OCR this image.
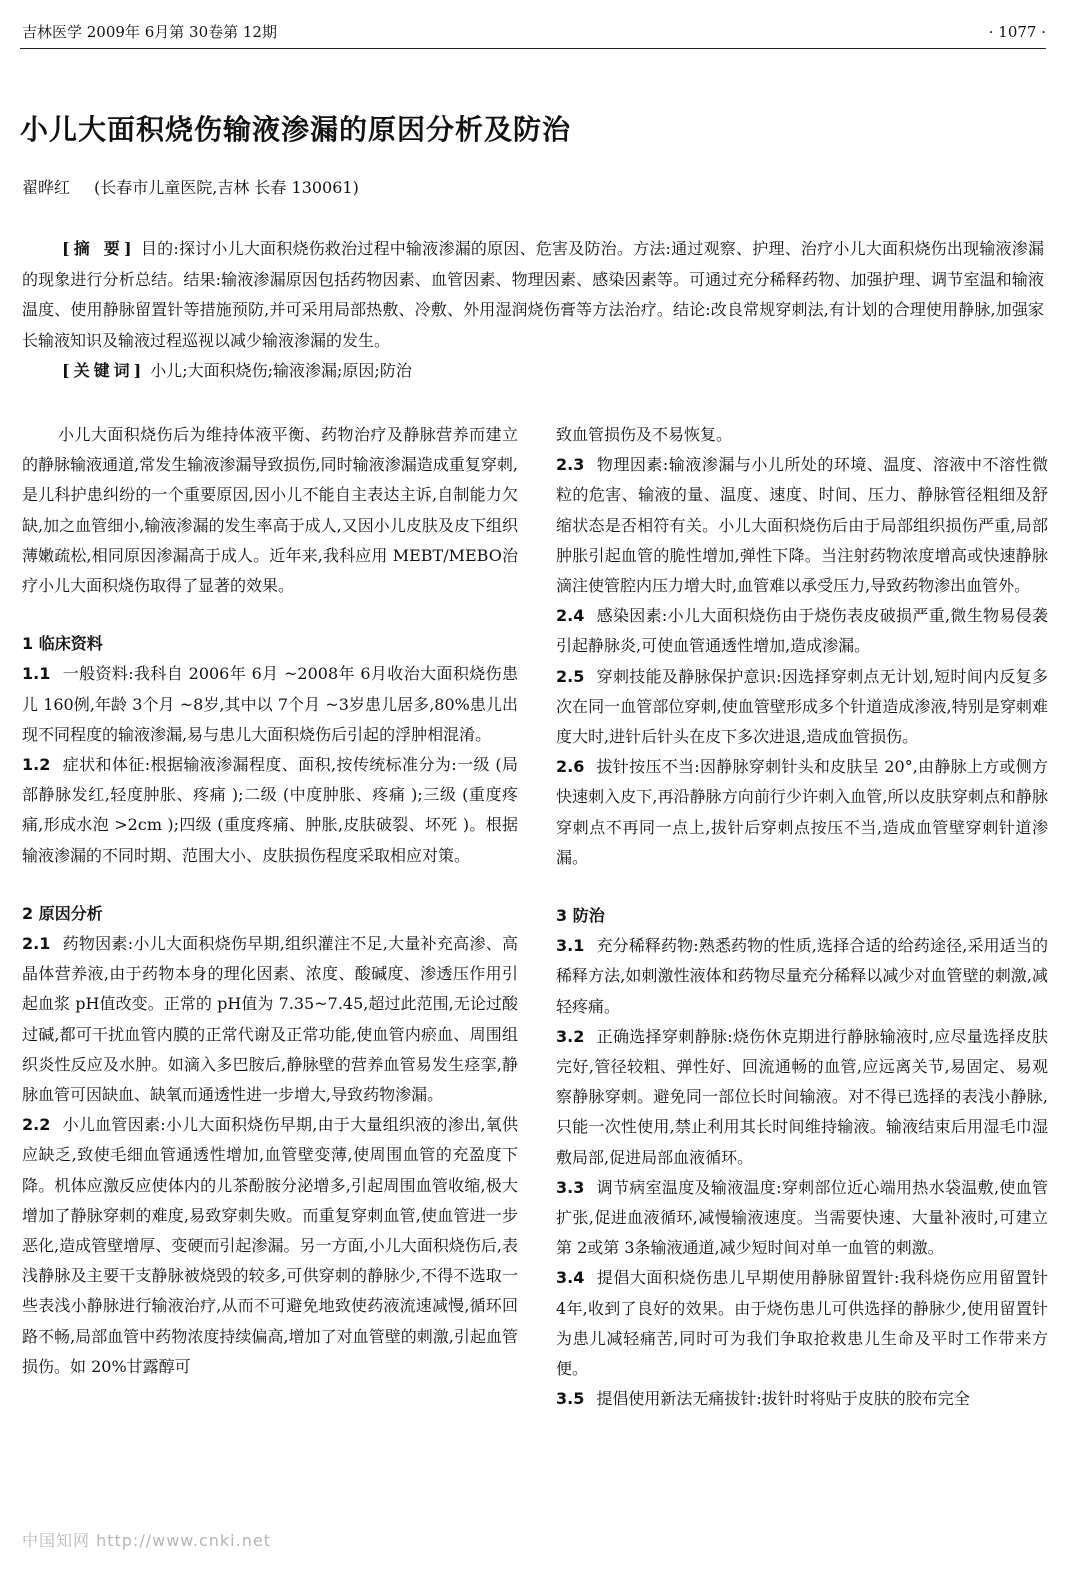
吉林医学 2009年 6月第 30卷第 12期	· 1077 ·
小儿大面积烧伤输液渗漏的原因分析及防治
翟晔红 (长春市儿童医院,吉林 长春 130061)

[摘 要] 目的:探讨小儿大面积烧伤救治过程中输液渗漏的原因、危害及防治。方法:通过观察、护理、治疗小儿大面积烧伤出现输液渗漏的现象进行分析总结。结果:输液渗漏原因包括药物因素、血管因素、物理因素、感染因素等。可通过充分稀释药物、加强护理、调节室温和输液温度、使用静脉留置针等措施预防,并可采用局部热敷、冷敷、外用湿润烧伤膏等方法治疗。结论:改良常规穿刺法,有计划的合理使用静脉,加强家长输液知识及输液过程巡视以减少输液渗漏的发生。

[关键词] 小儿;大面积烧伤;输液渗漏;原因;防治

小儿大面积烧伤后为维持体液平衡、药物治疗及静脉营养而建立的静脉输液通道,常发生输液渗漏导致损伤,同时输液渗漏造成重复穿刺,是儿科护患纠纷的一个重要原因,因小儿不能自主表达主诉,自制能力欠缺,加之血管细小,输液渗漏的发生率高于成人,又因小儿皮肤及皮下组织薄嫩疏松,相同原因渗漏高于成人。近年来,我科应用 MEBT/MEBO治疗小儿大面积烧伤取得了显著的效果。

1 临床资料

1.1 一般资料:我科自 2006年 6月 ~2008年 6月收治大面积烧伤患儿 160例,年龄 3个月 ~8岁,其中以 7个月 ~3岁患儿居多,80%患儿出现不同程度的输液渗漏,易与患儿大面积烧伤后引起的浮肿相混淆。

1.2 症状和体征:根据输液渗漏程度、面积,按传统标准分为:一级 (局部静脉发红,轻度肿胀、疼痛 );二级 (中度肿胀、疼痛 );三级 (重度疼痛,形成水泡 >2cm );四级 (重度疼痛、肿胀,皮肤破裂、坏死 )。根据输液渗漏的不同时期、范围大小、皮肤损伤程度采取相应对策。

2 原因分析

2.1 药物因素:小儿大面积烧伤早期,组织灌注不足,大量补充高渗、高晶体营养液,由于药物本身的理化因素、浓度、酸碱度、渗透压作用引起血浆 pH值改变。正常的 pH值为 7.35~7.45,超过此范围,无论过酸过碱,都可干扰血管内膜的正常代谢及正常功能,使血管内瘀血、周围组织炎性反应及水肿。如滴入多巴胺后,静脉壁的营养血管易发生痉挛,静脉血管可因缺血、缺氧而通透性进一步增大,导致药物渗漏。

2.2 小儿血管因素:小儿大面积烧伤早期,由于大量组织液的渗出,氧供应缺乏,致使毛细血管通透性增加,血管壁变薄,使周围血管的充盈度下降。机体应激反应使体内的儿茶酚胺分泌增多,引起周围血管收缩,极大增加了静脉穿刺的难度,易致穿刺失败。而重复穿刺血管,使血管进一步恶化,造成管壁增厚、变硬而引起渗漏。另一方面,小儿大面积烧伤后,表浅静脉及主要干支静脉被烧毁的较多,可供穿刺的静脉少,不得不选取一些表浅小静脉进行输液治疗,从而不可避免地致使药液流速减慢,循环回路不畅,局部血管中药物浓度持续偏高,增加了对血管壁的刺激,引起血管损伤。如 20%甘露醇可

致血管损伤及不易恢复。

2.3 物理因素:输液渗漏与小儿所处的环境、温度、溶液中不溶性微粒的危害、输液的量、温度、速度、时间、压力、静脉管径粗细及舒缩状态是否相符有关。小儿大面积烧伤后由于局部组织损伤严重,局部肿胀引起血管的脆性增加,弹性下降。当注射药物浓度增高或快速静脉滴注使管腔内压力增大时,血管难以承受压力,导致药物渗出血管外。

2.4 感染因素:小儿大面积烧伤由于烧伤表皮破损严重,微生物易侵袭引起静脉炎,可使血管通透性增加,造成渗漏。

2.5 穿刺技能及静脉保护意识:因选择穿刺点无计划,短时间内反复多次在同一血管部位穿刺,使血管壁形成多个针道造成渗液,特别是穿刺难度大时,进针后针头在皮下多次进退,造成血管损伤。

2.6 拔针按压不当:因静脉穿刺针头和皮肤呈 20°,由静脉上方或侧方快速刺入皮下,再沿静脉方向前行少许刺入血管,所以皮肤穿刺点和静脉穿刺点不再同一点上,拔针后穿刺点按压不当,造成血管壁穿刺针道渗漏。

3 防治

3.1 充分稀释药物:熟悉药物的性质,选择合适的给药途径,采用适当的稀释方法,如刺激性液体和药物尽量充分稀释以减少对血管壁的刺激,减轻疼痛。

3.2 正确选择穿刺静脉:烧伤休克期进行静脉输液时,应尽量选择皮肤完好,管径较粗、弹性好、回流通畅的血管,应远离关节,易固定、易观察静脉穿刺。避免同一部位长时间输液。对不得已选择的表浅小静脉,只能一次性使用,禁止利用其长时间维持输液。输液结束后用湿毛巾湿敷局部,促进局部血液循环。

3.3 调节病室温度及输液温度:穿刺部位近心端用热水袋温敷,使血管扩张,促进血液循环,减慢输液速度。当需要快速、大量补液时,可建立第 2或第 3条输液通道,减少短时间对单一血管的刺激。

3.4 提倡大面积烧伤患儿早期使用静脉留置针:我科烧伤应用留置针 4年,收到了良好的效果。由于烧伤患儿可供选择的静脉少,使用留置针为患儿减轻痛苦,同时可为我们争取抢救患儿生命及平时工作带来方便。

3.5 提倡使用新法无痛拔针:拔针时将贴于皮肤的胶布完全

中国知网 http://www.cnki.net
